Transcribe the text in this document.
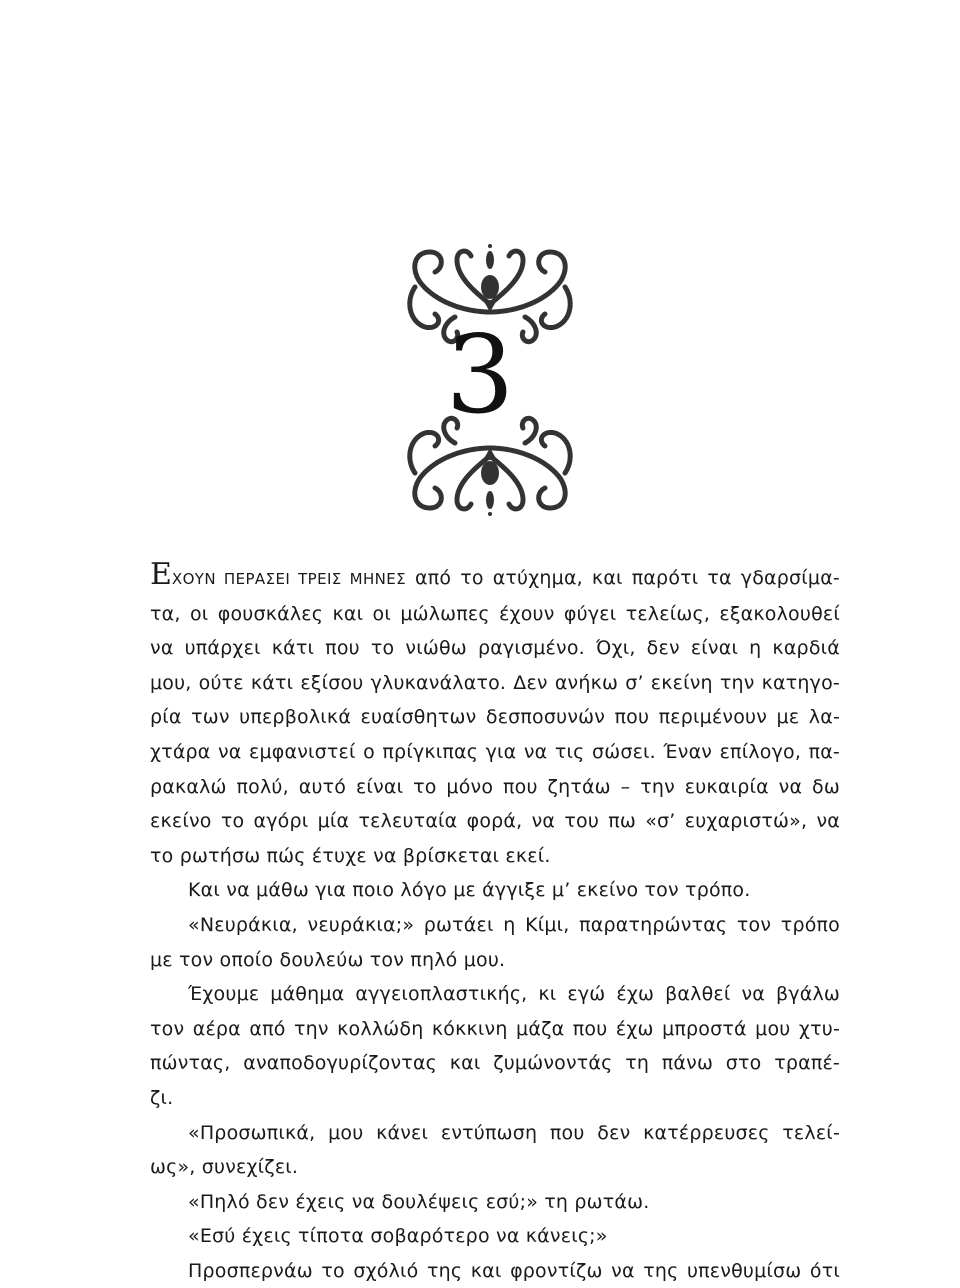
3
ΕΧΟΥΝ ΠΕΡΑΣΕΙ ΤΡΕΙΣ ΜΗΝΕΣ από το ατύχημα, και παρότι τα γδαρσίμα-
τα, οι φουσκάλες και οι μώλωπες έχουν φύγει τελείως, εξακολουθεί
να υπάρχει κάτι που το νιώθω ραγισμένο. Όχι, δεν είναι η καρδιά
μου, ούτε κάτι εξίσου γλυκανάλατο. Δεν ανήκω σ’ εκείνη την κατηγο-
ρία των υπερβολικά ευαίσθητων δεσποσυνών που περιμένουν με λα-
χτάρα να εμφανιστεί ο πρίγκιπας για να τις σώσει. Έναν επίλογο, πα-
ρακαλώ πολύ, αυτό είναι το μόνο που ζητάω – την ευκαιρία να δω
εκείνο το αγόρι μία τελευταία φορά, να του πω «σ’ ευχαριστώ», να
το ρωτήσω πώς έτυχε να βρίσκεται εκεί.
Και να μάθω για ποιο λόγο με άγγιξε μ’ εκείνο τον τρόπο.
«Νευράκια, νευράκια;» ρωτάει η Κίμι, παρατηρώντας τον τρόπο
με τον οποίο δουλεύω τον πηλό μου.
Έχουμε μάθημα αγγειοπλαστικής, κι εγώ έχω βαλθεί να βγάλω
τον αέρα από την κολλώδη κόκκινη μάζα που έχω μπροστά μου χτυ-
πώντας, αναποδογυρίζοντας και ζυμώνοντάς τη πάνω στο τραπέ-
ζι.
«Προσωπικά, μου κάνει εντύπωση που δεν κατέρρευσες τελεί-
ως», συνεχίζει.
«Πηλό δεν έχεις να δουλέψεις εσύ;» τη ρωτάω.
«Εσύ έχεις τίποτα σοβαρότερο να κάνεις;»
Προσπερνάω το σχόλιό της και φροντίζω να της υπενθυμίσω ότι
